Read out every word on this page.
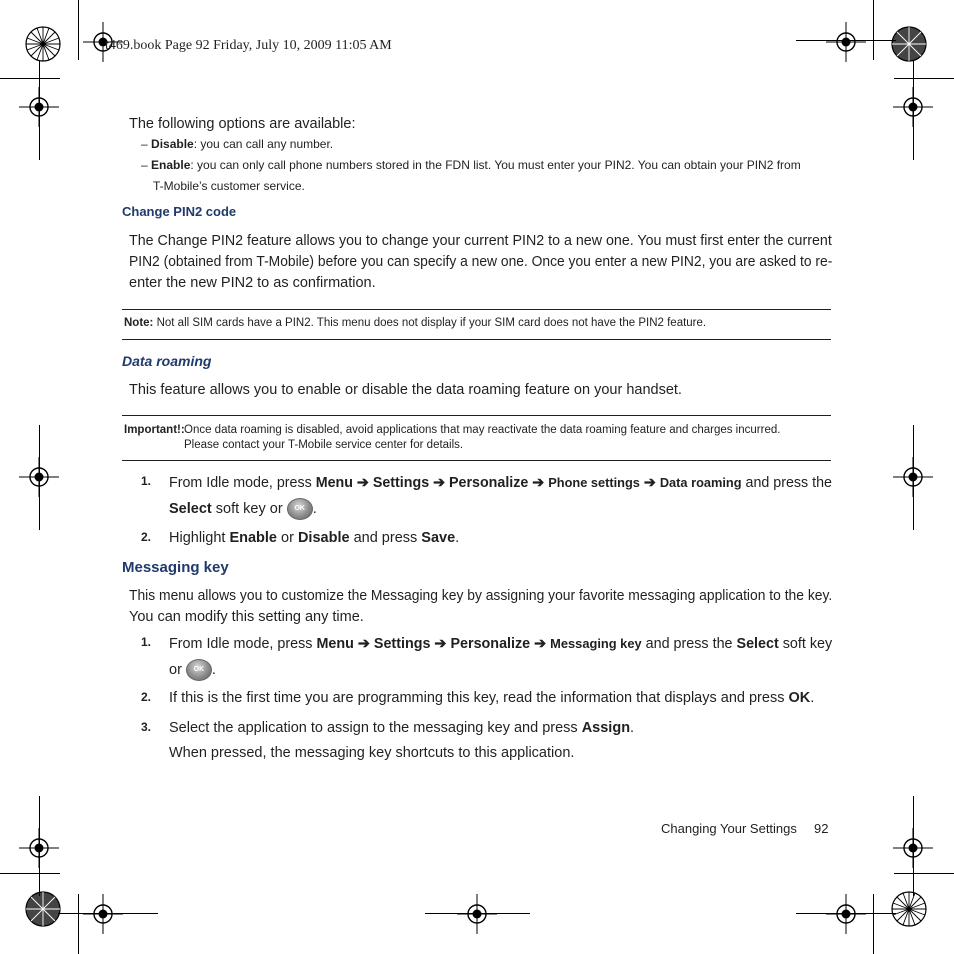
t469.book Page 92 Friday, July 10, 2009 11:05 AM
The following options are available:
– Disable: you can call any number.
– Enable: you can only call phone numbers stored in the FDN list. You must enter your PIN2. You can obtain your PIN2 from
T-Mobile’s customer service.
Change PIN2 code
The Change PIN2 feature allows you to change your current PIN2 to a new one. You must first enter the current
PIN2 (obtained from T-Mobile) before you can specify a new one. Once you enter a new PIN2, you are asked to re-
enter the new PIN2 to as confirmation.
Note: Not all SIM cards have a PIN2. This menu does not display if your SIM card does not have the PIN2 feature.
Data roaming
This feature allows you to enable or disable the data roaming feature on your handset.
Important!: Once data roaming is disabled, avoid applications that may reactivate the data roaming feature and charges incurred.
Please contact your T-Mobile service center for details.
1. From Idle mode, press Menu ➔ Settings ➔ Personalize ➔ Phone settings ➔ Data roaming and press the
Select soft key or OK .
2. Highlight Enable or Disable and press Save.
Messaging key
This menu allows you to customize the Messaging key by assigning your favorite messaging application to the key.
You can modify this setting any time.
1. From Idle mode, press Menu ➔ Settings ➔ Personalize ➔ Messaging key and press the Select soft key
or OK .
2. If this is the first time you are programming this key, read the information that displays and press OK.
3. Select the application to assign to the messaging key and press Assign.
When pressed, the messaging key shortcuts to this application.
Changing Your Settings 92
